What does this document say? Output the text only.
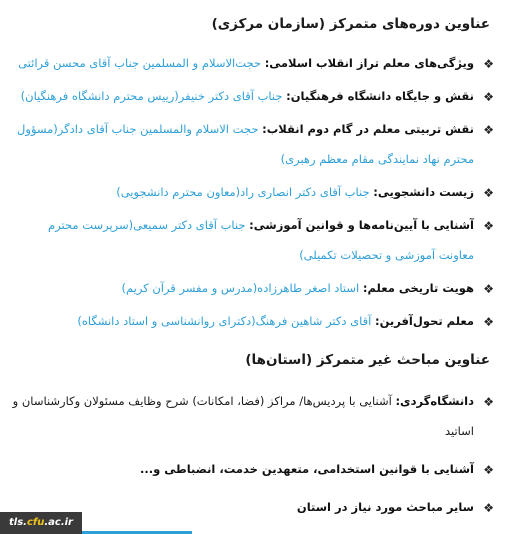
عناوین دوره‌های متمرکز (سازمان مرکزی)
❖
ویژگی‌های معلم تراز انقلاب اسلامی: حجت‌الاسلام و المسلمین جناب آقای محسن قرائتی
❖
نقش و جایگاه دانشگاه فرهنگیان: جناب آقای دکتر خنیفر(رییس محترم دانشگاه فرهنگیان)
❖
نقش تربیتی معلم در گام دوم انقلاب: حجت الاسلام والمسلمین جناب آقای دادگر(مسؤول محترم نهاد نمایندگی مقام معظم رهبری)
❖
زیست دانشجویی: جناب آقای دکتر انصاری راد(معاون محترم دانشجویی)
❖
آشنایی با آیین‌نامه‌ها و قوانین آموزشی: جناب آقای دکتر سمیعی(سرپرست محترم معاونت آموزشی و تحصیلات تکمیلی)
❖
هویت تاریخی معلم: استاد اصغر طاهرزاده(مدرس و مفسر قرآن کریم)
❖
معلم تحول‌آفرین: آقای دکتر شاهین فرهنگ(دکترای روانشناسی و استاد دانشگاه)
عناوین مباحث غیر متمرکز (استان‌ها)
❖
دانشگاه‌گردی: آشنایی با پردیس‌ها/ مراکز (فضا، امکانات) شرح وظایف مسئولان وکارشناسان و اساتید
❖
آشنایی با قوانین استخدامی، متعهدین خدمت، انضباطی و...
❖
سایر مباحث مورد نیاز در استان
tls.cfu.ac.ir
